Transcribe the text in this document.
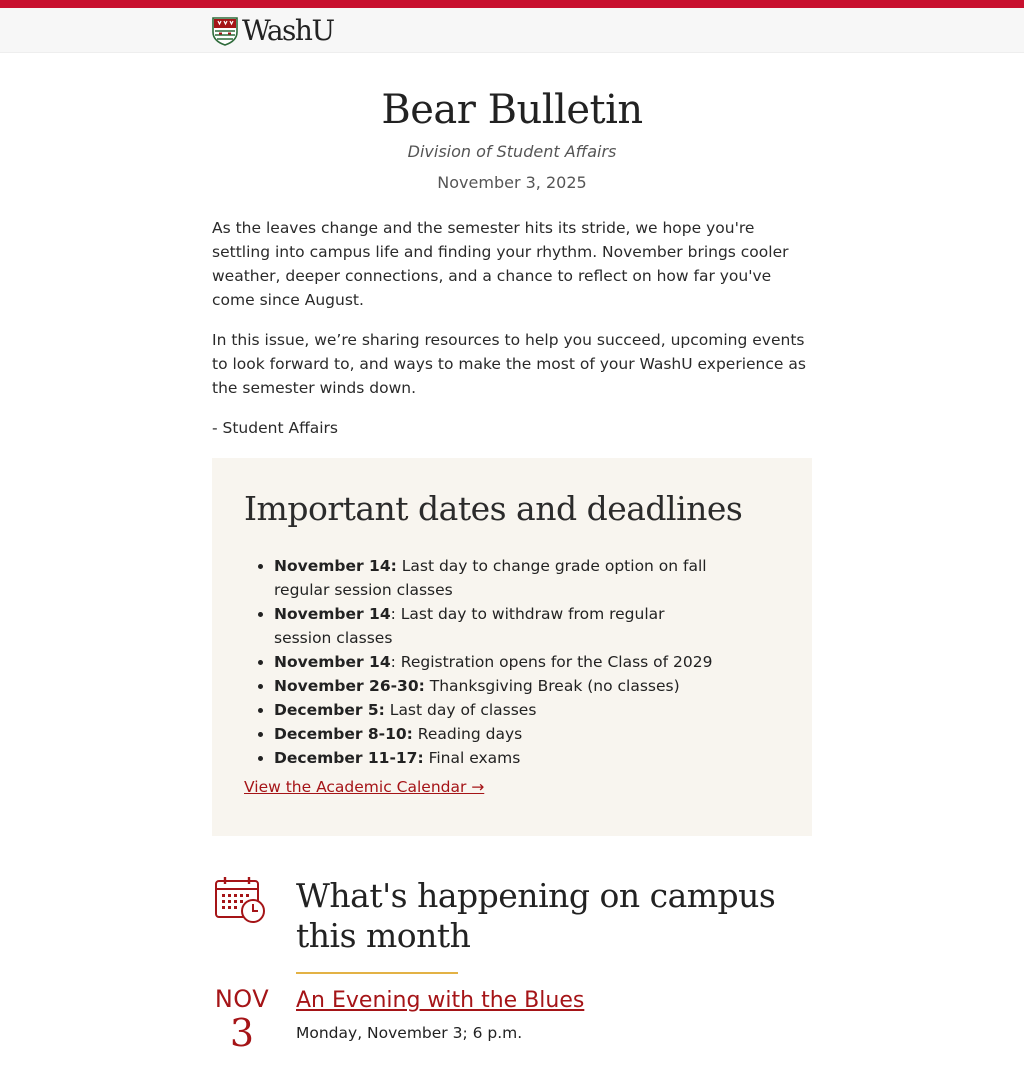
WashU
Bear Bulletin
Division of Student Affairs
November 3, 2025

As the leaves change and the semester hits its stride, we hope you're settling into campus life and finding your rhythm. November brings cooler weather, deeper connections, and a chance to reflect on how far you've come since August.

In this issue, we’re sharing resources to help you succeed, upcoming events to look forward to, and ways to make the most of your WashU experience as the semester winds down.

- Student Affairs

Important dates and deadlines
• November 14: Last day to change grade option on fall regular session classes
• November 14: Last day to withdraw from regular session classes
• November 14: Registration opens for the Class of 2029
• November 26-30: Thanksgiving Break (no classes)
• December 5: Last day of classes
• December 8-10: Reading days
• December 11-17: Final exams
View the Academic Calendar →
What's happening on campus this month
NOV
3
An Evening with the Blues
Monday, November 3; 6 p.m.
